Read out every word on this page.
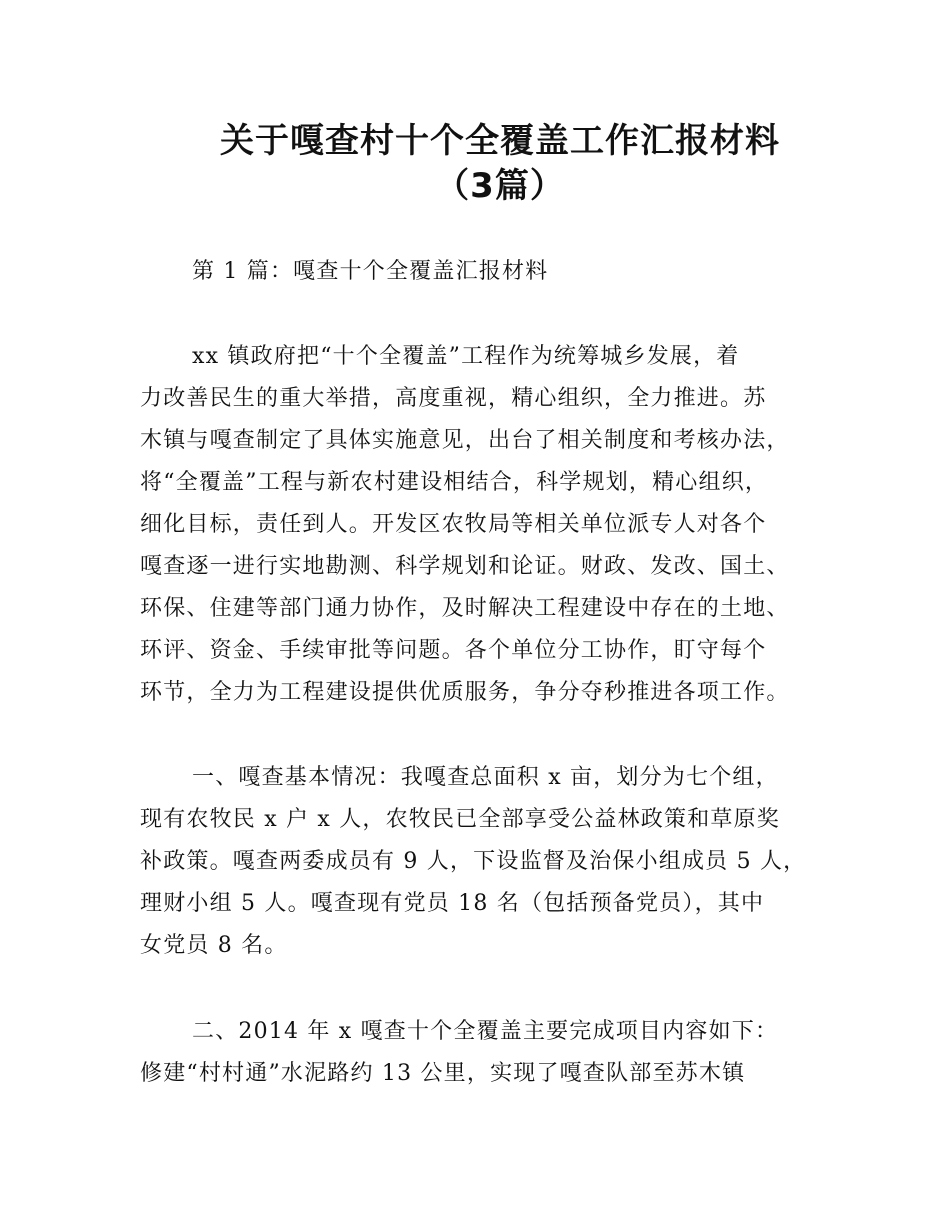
关于嘎查村十个全覆盖工作汇报材料
（3篇）

第 1 篇：嘎查十个全覆盖汇报材料

xx 镇政府把“十个全覆盖”工程作为统筹城乡发展，着

力改善民生的重大举措，高度重视，精心组织，全力推进。苏

木镇与嘎查制定了具体实施意见，出台了相关制度和考核办法，

将“全覆盖”工程与新农村建设相结合，科学规划，精心组织，

细化目标，责任到人。开发区农牧局等相关单位派专人对各个

嘎查逐一进行实地勘测、科学规划和论证。财政、发改、国土、

环保、住建等部门通力协作，及时解决工程建设中存在的土地、

环评、资金、手续审批等问题。各个单位分工协作，盯守每个

环节，全力为工程建设提供优质服务，争分夺秒推进各项工作。

一、嘎查基本情况：我嘎查总面积 x 亩，划分为七个组，

现有农牧民 x 户 x 人，农牧民已全部享受公益林政策和草原奖

补政策。嘎查两委成员有 9 人，下设监督及治保小组成员 5 人，

理财小组 5 人。嘎查现有党员 18 名（包括预备党员），其中

女党员 8 名。

二、2014 年 x 嘎查十个全覆盖主要完成项目内容如下：

修建“村村通”水泥路约 13 公里，实现了嘎查队部至苏木镇
